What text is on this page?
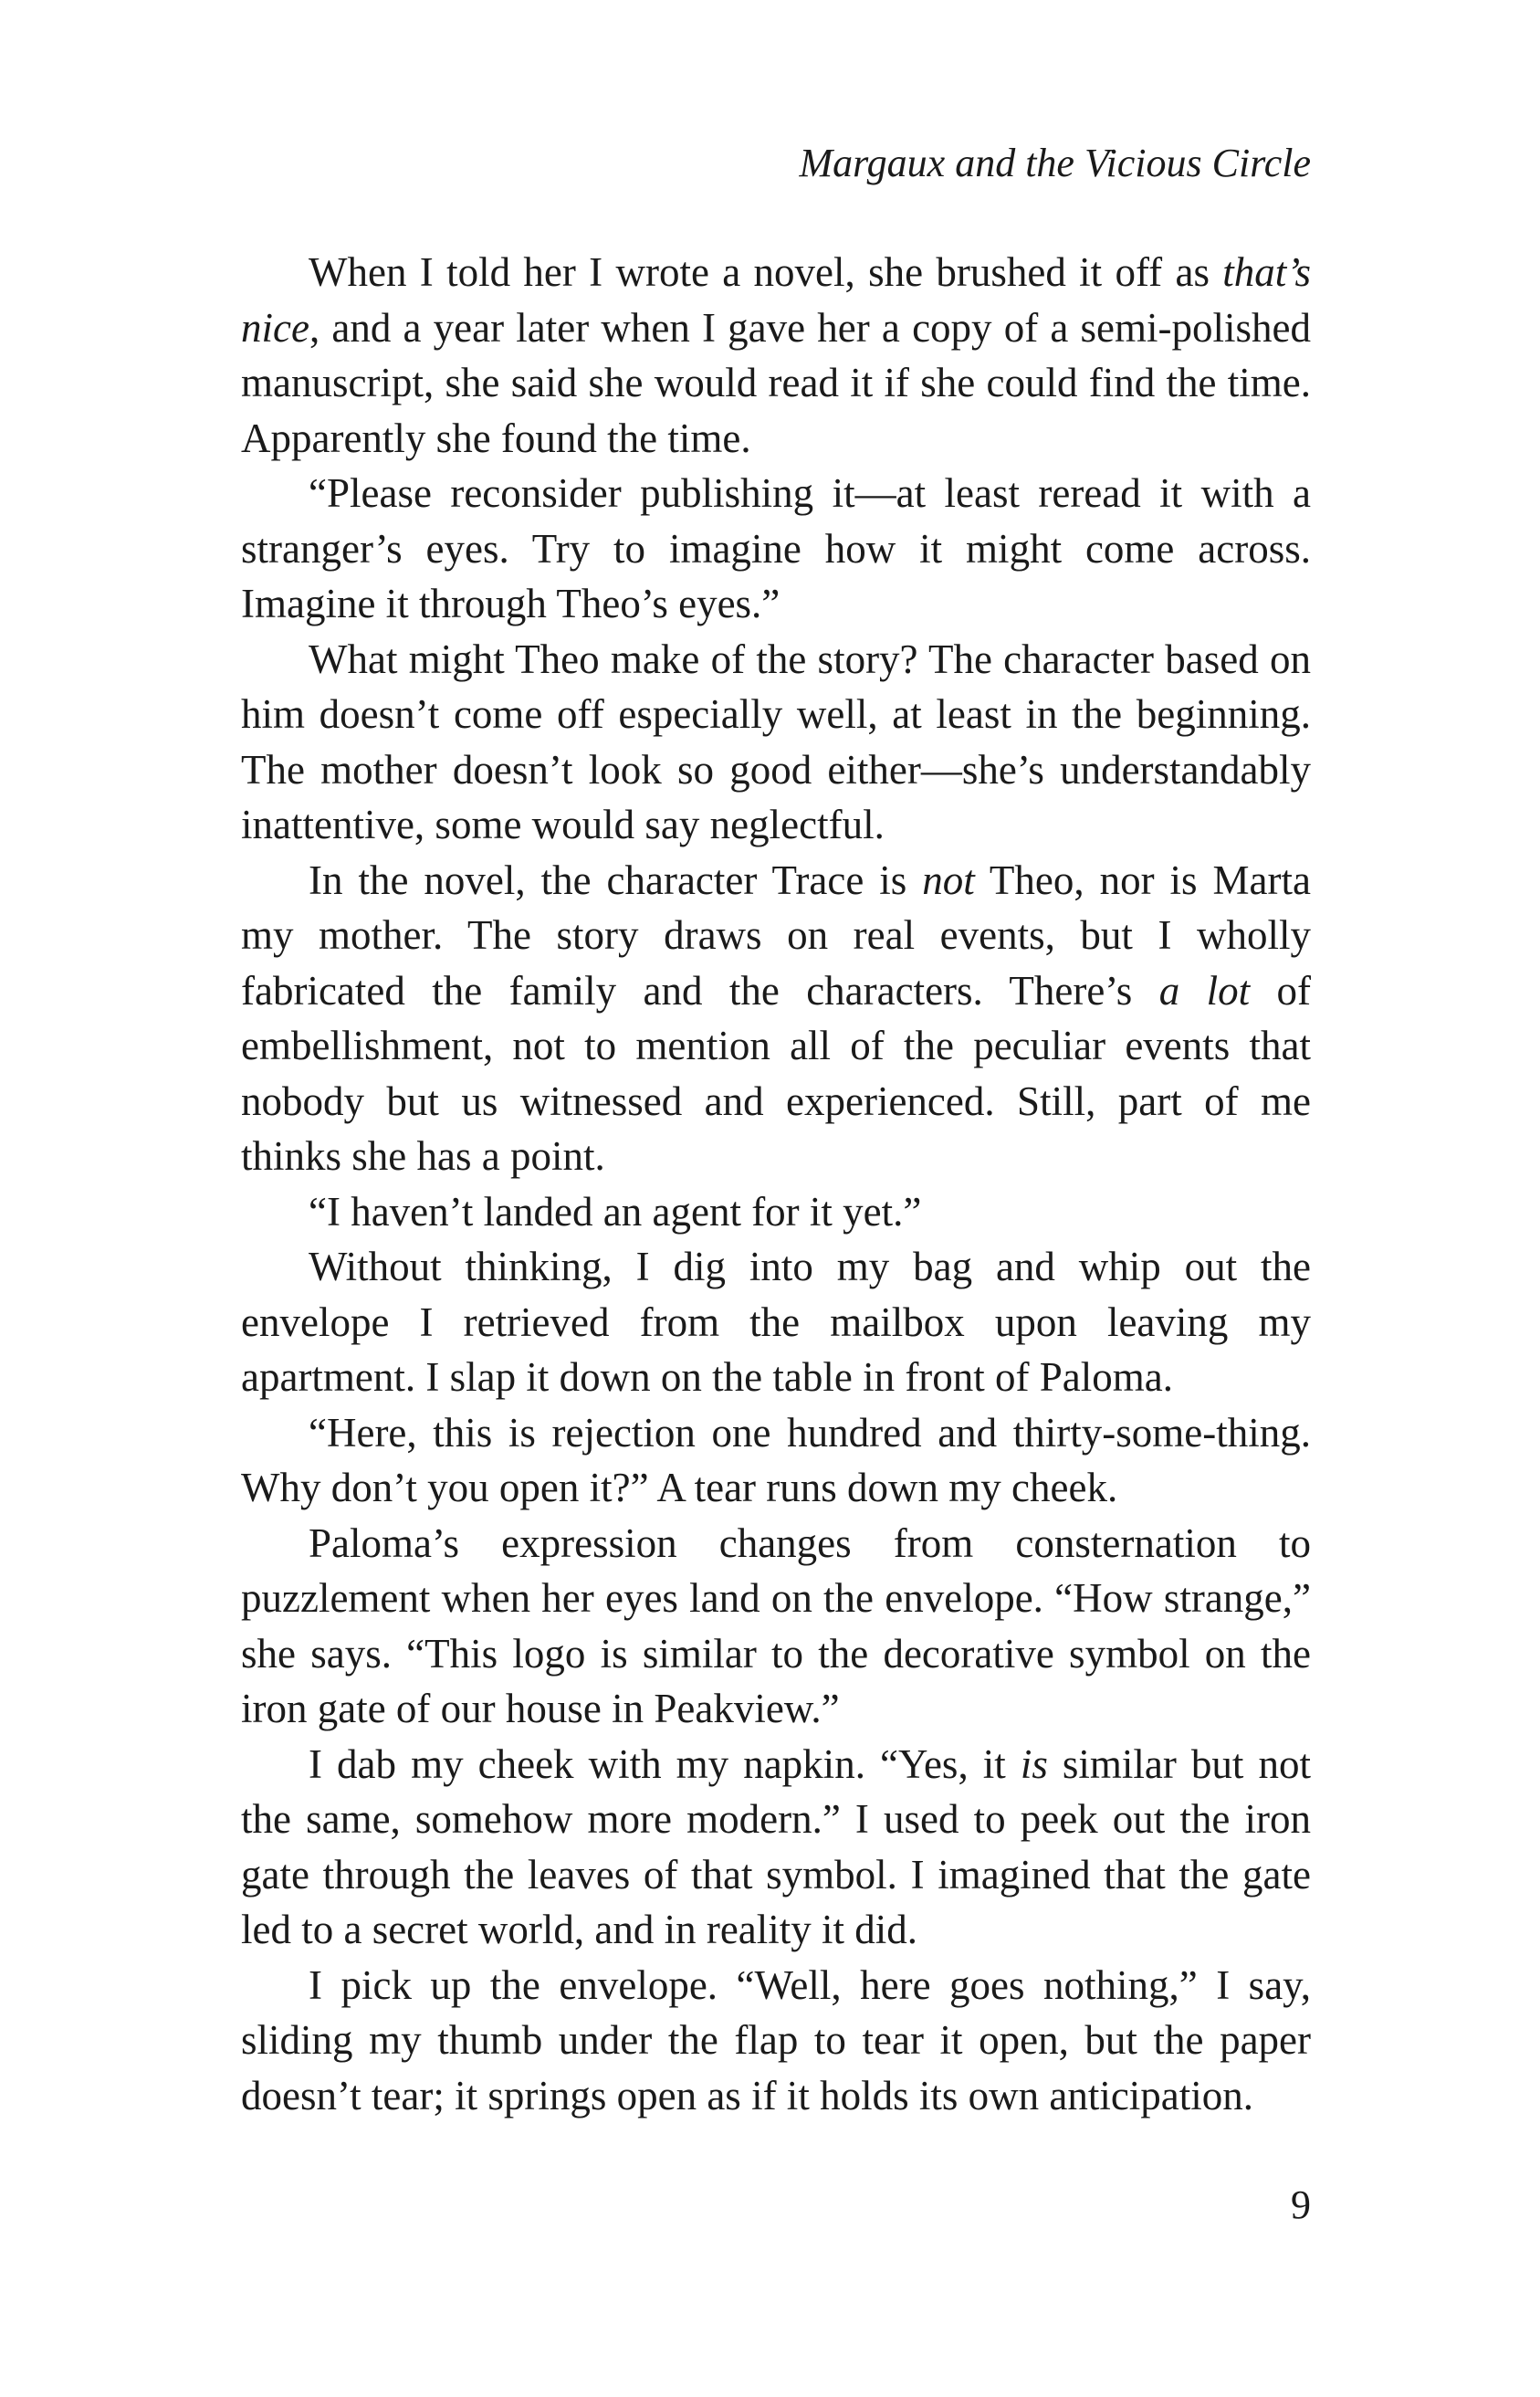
Margaux and the Vicious Circle

When I told her I wrote a novel, she brushed it off as that’s nice, and a year later when I gave her a copy of a semi-polished manuscript, she said she would read it if she could find the time. Apparently she found the time.

“Please reconsider publishing it—at least reread it with a stranger’s eyes. Try to imagine how it might come across. Imagine it through Theo’s eyes.”

What might Theo make of the story? The character based on him doesn’t come off especially well, at least in the beginning. The mother doesn’t look so good either—she’s understandably inattentive, some would say neglectful.

In the novel, the character Trace is not Theo, nor is Marta my mother. The story draws on real events, but I wholly fabricated the family and the characters. There’s a lot of embellishment, not to mention all of the peculiar events that nobody but us witnessed and experienced. Still, part of me thinks she has a point.

“I haven’t landed an agent for it yet.”

Without thinking, I dig into my bag and whip out the envelope I retrieved from the mailbox upon leaving my apartment. I slap it down on the table in front of Paloma.

“Here, this is rejection one hundred and thirty-some-thing. Why don’t you open it?” A tear runs down my cheek.

Paloma’s expression changes from consternation to puzzlement when her eyes land on the envelope. “How strange,” she says. “This logo is similar to the decorative symbol on the iron gate of our house in Peakview.”

I dab my cheek with my napkin. “Yes, it is similar but not the same, somehow more modern.” I used to peek out the iron gate through the leaves of that symbol. I imagined that the gate led to a secret world, and in reality it did.

I pick up the envelope. “Well, here goes nothing,” I say, sliding my thumb under the flap to tear it open, but the paper doesn’t tear; it springs open as if it holds its own anticipation.

9
